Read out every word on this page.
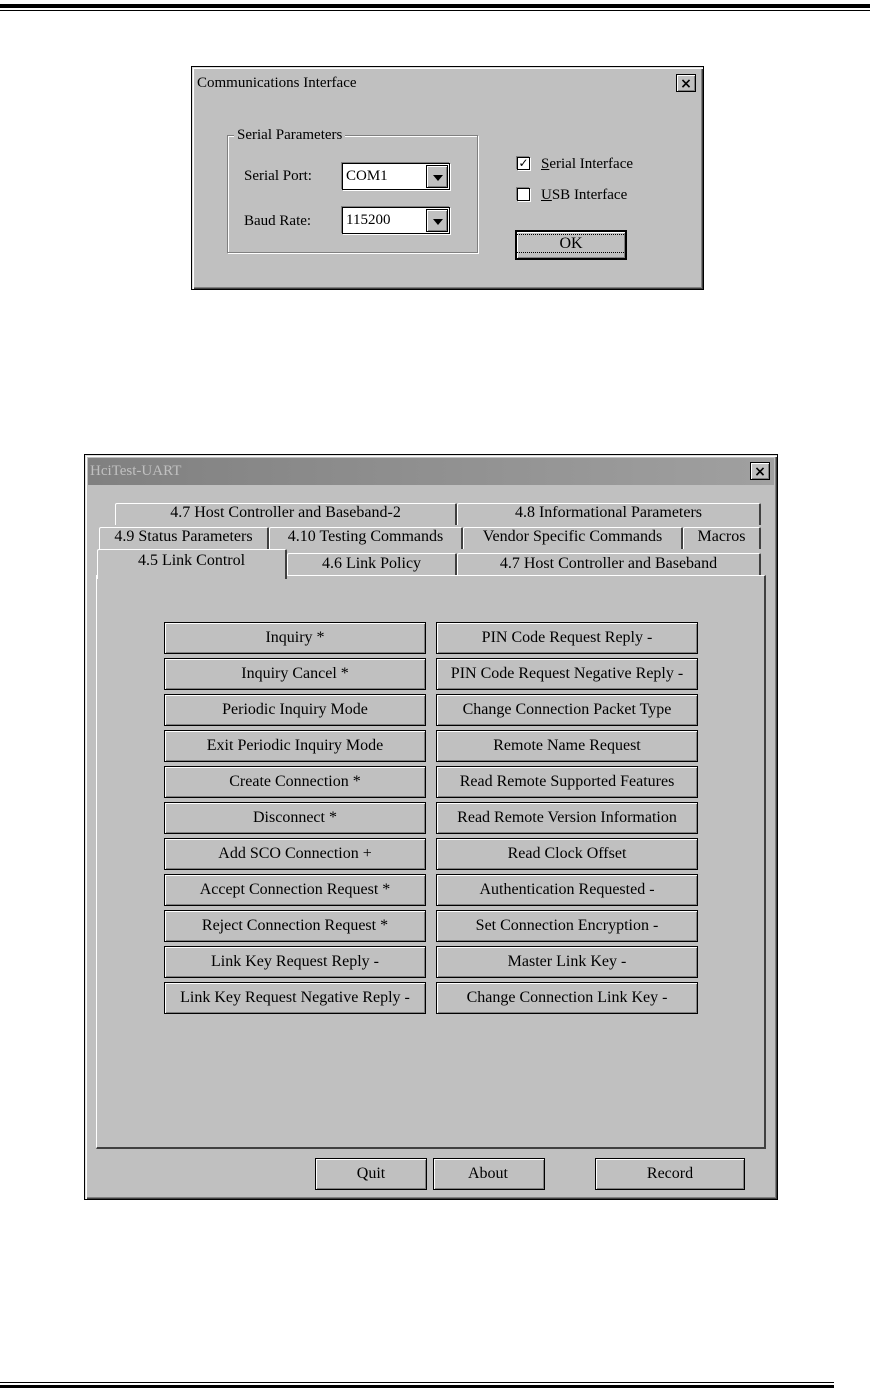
Communications Interface	×
Serial Parameters
Serial Port: COM1
Baud Rate: 115200
✓ Serial Interface
USB Interface
OK
HciTest-UART	×
4.7 Host Controller and Baseband-2	4.8 Informational Parameters
4.9 Status Parameters	4.10 Testing Commands	Vendor Specific Commands	Macros
4.5 Link Control	4.6 Link Policy	4.7 Host Controller and Baseband
Inquiry *
Inquiry Cancel *
Periodic Inquiry Mode
Exit Periodic Inquiry Mode
Create Connection *
Disconnect *
Add SCO Connection +
Accept Connection Request *
Reject Connection Request *
Link Key Request Reply -
Link Key Request Negative Reply -
PIN Code Request Reply -
PIN Code Request Negative Reply -
Change Connection Packet Type
Remote Name Request
Read Remote Supported Features
Read Remote Version Information
Read Clock Offset
Authentication Requested -
Set Connection Encryption -
Master Link Key -
Change Connection Link Key -
Quit	About	Record
